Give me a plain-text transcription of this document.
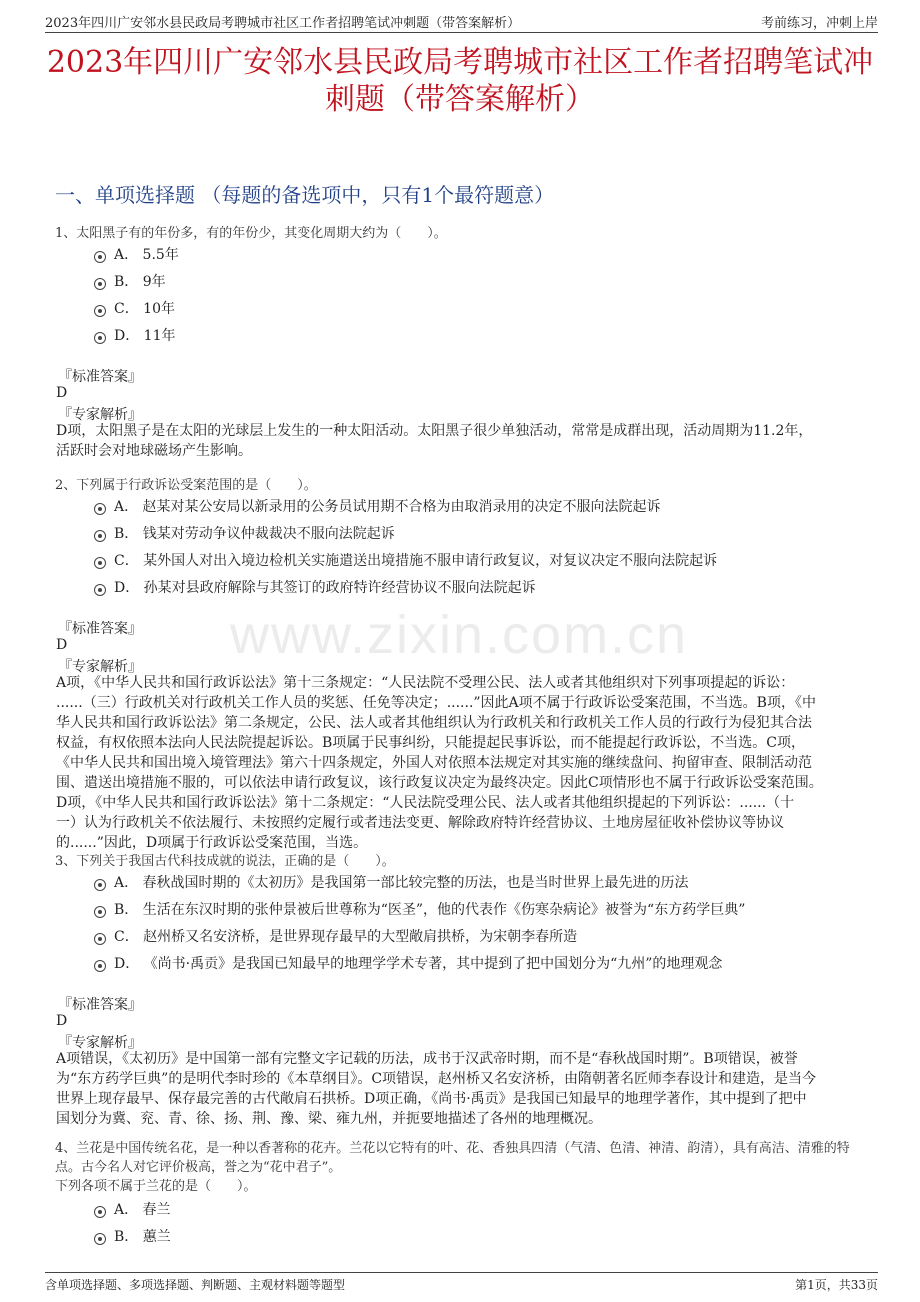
2023年四川广安邻水县民政局考聘城市社区工作者招聘笔试冲刺题（带答案解析）	考前练习，冲刺上岸
2023年四川广安邻水县民政局考聘城市社区工作者招聘笔试冲
刺题（带答案解析）
一、单项选择题 （每题的备选项中，只有1个最符题意）
www.zixin.com.cn
1、太阳黑子有的年份多，有的年份少，其变化周期大约为（　　）。
A． 5.5年
B． 9年
C． 10年
D． 11年
『标准答案』
D
『专家解析』

D项，太阳黑子是在太阳的光球层上发生的一种太阳活动。太阳黑子很少单独活动，常常是成群出现，活动周期为11.2年，

活跃时会对地球磁场产生影响。

2、下列属于行政诉讼受案范围的是（　　）。
A． 赵某对某公安局以新录用的公务员试用期不合格为由取消录用的决定不服向法院起诉
B． 钱某对劳动争议仲裁裁决不服向法院起诉
C． 某外国人对出入境边检机关实施遣送出境措施不服申请行政复议，对复议决定不服向法院起诉
D． 孙某对县政府解除与其签订的政府特许经营协议不服向法院起诉
『标准答案』
D
『专家解析』

A项，《中华人民共和国行政诉讼法》第十三条规定：“人民法院不受理公民、法人或者其他组织对下列事项提起的诉讼：

......（三）行政机关对行政机关工作人员的奖惩、任免等决定；......”因此A项不属于行政诉讼受案范围，不当选。B项，《中

华人民共和国行政诉讼法》第二条规定，公民、法人或者其他组织认为行政机关和行政机关工作人员的行政行为侵犯其合法

权益，有权依照本法向人民法院提起诉讼。B项属于民事纠纷，只能提起民事诉讼，而不能提起行政诉讼，不当选。C项，

《中华人民共和国出境入境管理法》第六十四条规定，外国人对依照本法规定对其实施的继续盘问、拘留审查、限制活动范

围、遣送出境措施不服的，可以依法申请行政复议，该行政复议决定为最终决定。因此C项情形也不属于行政诉讼受案范围。

D项，《中华人民共和国行政诉讼法》第十二条规定：“人民法院受理公民、法人或者其他组织提起的下列诉讼：......（十

一）认为行政机关不依法履行、未按照约定履行或者违法变更、解除政府特许经营协议、土地房屋征收补偿协议等协议

的......”因此，D项属于行政诉讼受案范围，当选。

3、下列关于我国古代科技成就的说法，正确的是（　　）。
A． 春秋战国时期的《太初历》是我国第一部比较完整的历法，也是当时世界上最先进的历法
B． 生活在东汉时期的张仲景被后世尊称为“医圣”，他的代表作《伤寒杂病论》被誉为“东方药学巨典”
C． 赵州桥又名安济桥，是世界现存最早的大型敞肩拱桥，为宋朝李春所造
D． 《尚书·禹贡》是我国已知最早的地理学学术专著，其中提到了把中国划分为“九州”的地理观念
『标准答案』
D
『专家解析』

A项错误，《太初历》是中国第一部有完整文字记载的历法，成书于汉武帝时期，而不是“春秋战国时期”。B项错误，被誉

为“东方药学巨典”的是明代李时珍的《本草纲目》。C项错误，赵州桥又名安济桥，由隋朝著名匠师李春设计和建造，是当今

世界上现存最早、保存最完善的古代敞肩石拱桥。D项正确，《尚书·禹贡》是我国已知最早的地理学著作，其中提到了把中

国划分为冀、兖、青、徐、扬、荆、豫、梁、雍九州，并扼要地描述了各州的地理概况。

4、兰花是中国传统名花，是一种以香著称的花卉。兰花以它特有的叶、花、香独具四清（气清、色清、神清、韵清），具有高洁、清雅的特
点。古今名人对它评价极高，誉之为“花中君子”。
下列各项不属于兰花的是（　　）。
A． 春兰
B． 蕙兰
含单项选择题、多项选择题、判断题、主观材料题等题型	第1页，共33页
